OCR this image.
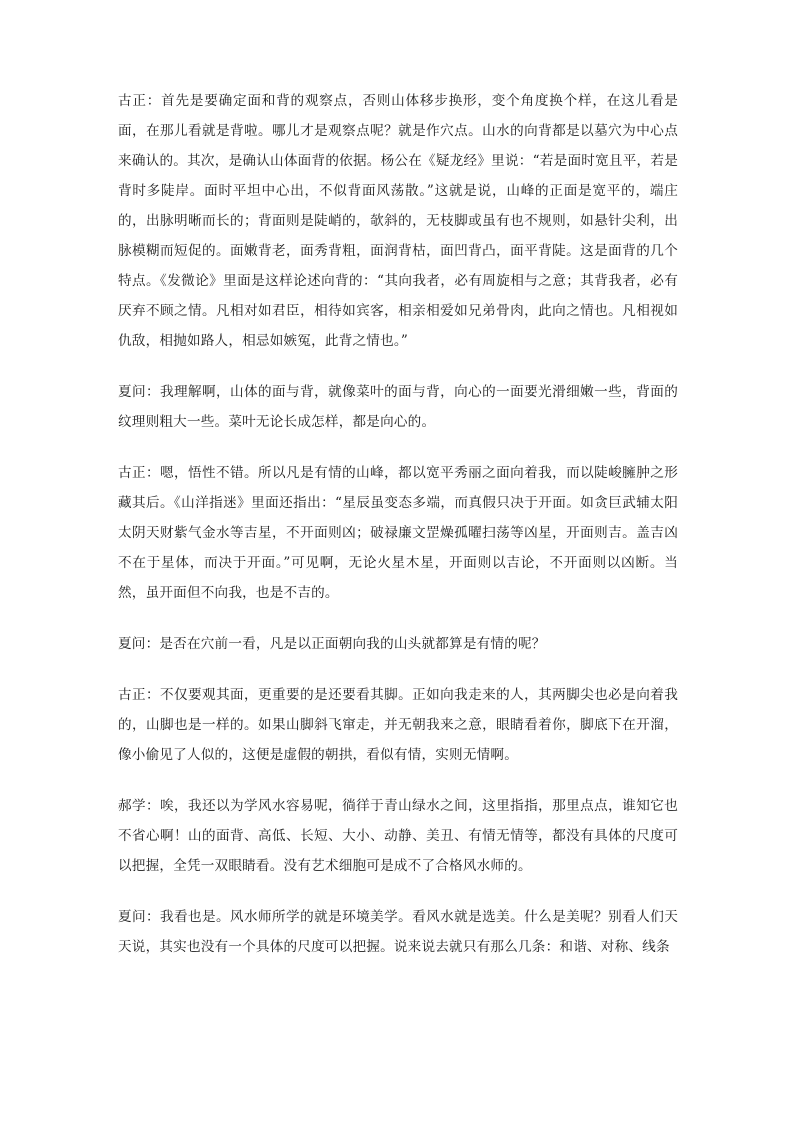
古正：首先是要确定面和背的观察点，否则山体移步换形，变个角度换个样，在这儿看是面，在那儿看就是背啦。哪儿才是观察点呢？就是作穴点。山水的向背都是以墓穴为中心点来确认的。其次，是确认山体面背的依据。杨公在《疑龙经》里说：“若是面时宽且平，若是背时多陡岸。面时平坦中心出，不似背面风荡散。”这就是说，山峰的正面是宽平的，端庄的，出脉明晰而长的；背面则是陡峭的，欹斜的，无枝脚或虽有也不规则，如悬针尖利，出脉模糊而短促的。面嫩背老，面秀背粗，面润背枯，面凹背凸，面平背陡。这是面背的几个特点。《发微论》里面是这样论述向背的：“其向我者，必有周旋相与之意；其背我者，必有厌弃不顾之情。凡相对如君臣，相待如宾客，相亲相爱如兄弟骨肉，此向之情也。凡相视如仇敌，相抛如路人，相忌如嫉冤，此背之情也。”

夏问：我理解啊，山体的面与背，就像菜叶的面与背，向心的一面要光滑细嫩一些，背面的纹理则粗大一些。菜叶无论长成怎样，都是向心的。

古正：嗯，悟性不错。所以凡是有情的山峰，都以宽平秀丽之面向着我，而以陡峻臃肿之形藏其后。《山洋指迷》里面还指出：“星辰虽变态多端，而真假只决于开面。如贪巨武辅太阳太阴天财紫气金水等吉星，不开面则凶；破禄廉文罡燥孤曜扫荡等凶星，开面则吉。盖吉凶不在于星体，而决于开面。”可见啊，无论火星木星，开面则以吉论，不开面则以凶断。当然，虽开面但不向我，也是不吉的。

夏问：是否在穴前一看，凡是以正面朝向我的山头就都算是有情的呢？

古正：不仅要观其面，更重要的是还要看其脚。正如向我走来的人，其两脚尖也必是向着我的，山脚也是一样的。如果山脚斜飞窜走，并无朝我来之意，眼睛看着你，脚底下在开溜，像小偷见了人似的，这便是虚假的朝拱，看似有情，实则无情啊。

郝学：唉，我还以为学风水容易呢，徜徉于青山绿水之间，这里指指，那里点点，谁知它也不省心啊！山的面背、高低、长短、大小、动静、美丑、有情无情等，都没有具体的尺度可以把握，全凭一双眼睛看。没有艺术细胞可是成不了合格风水师的。

夏问：我看也是。风水师所学的就是环境美学。看风水就是选美。什么是美呢？别看人们天天说，其实也没有一个具体的尺度可以把握。说来说去就只有那么几条：和谐、对称、线条
